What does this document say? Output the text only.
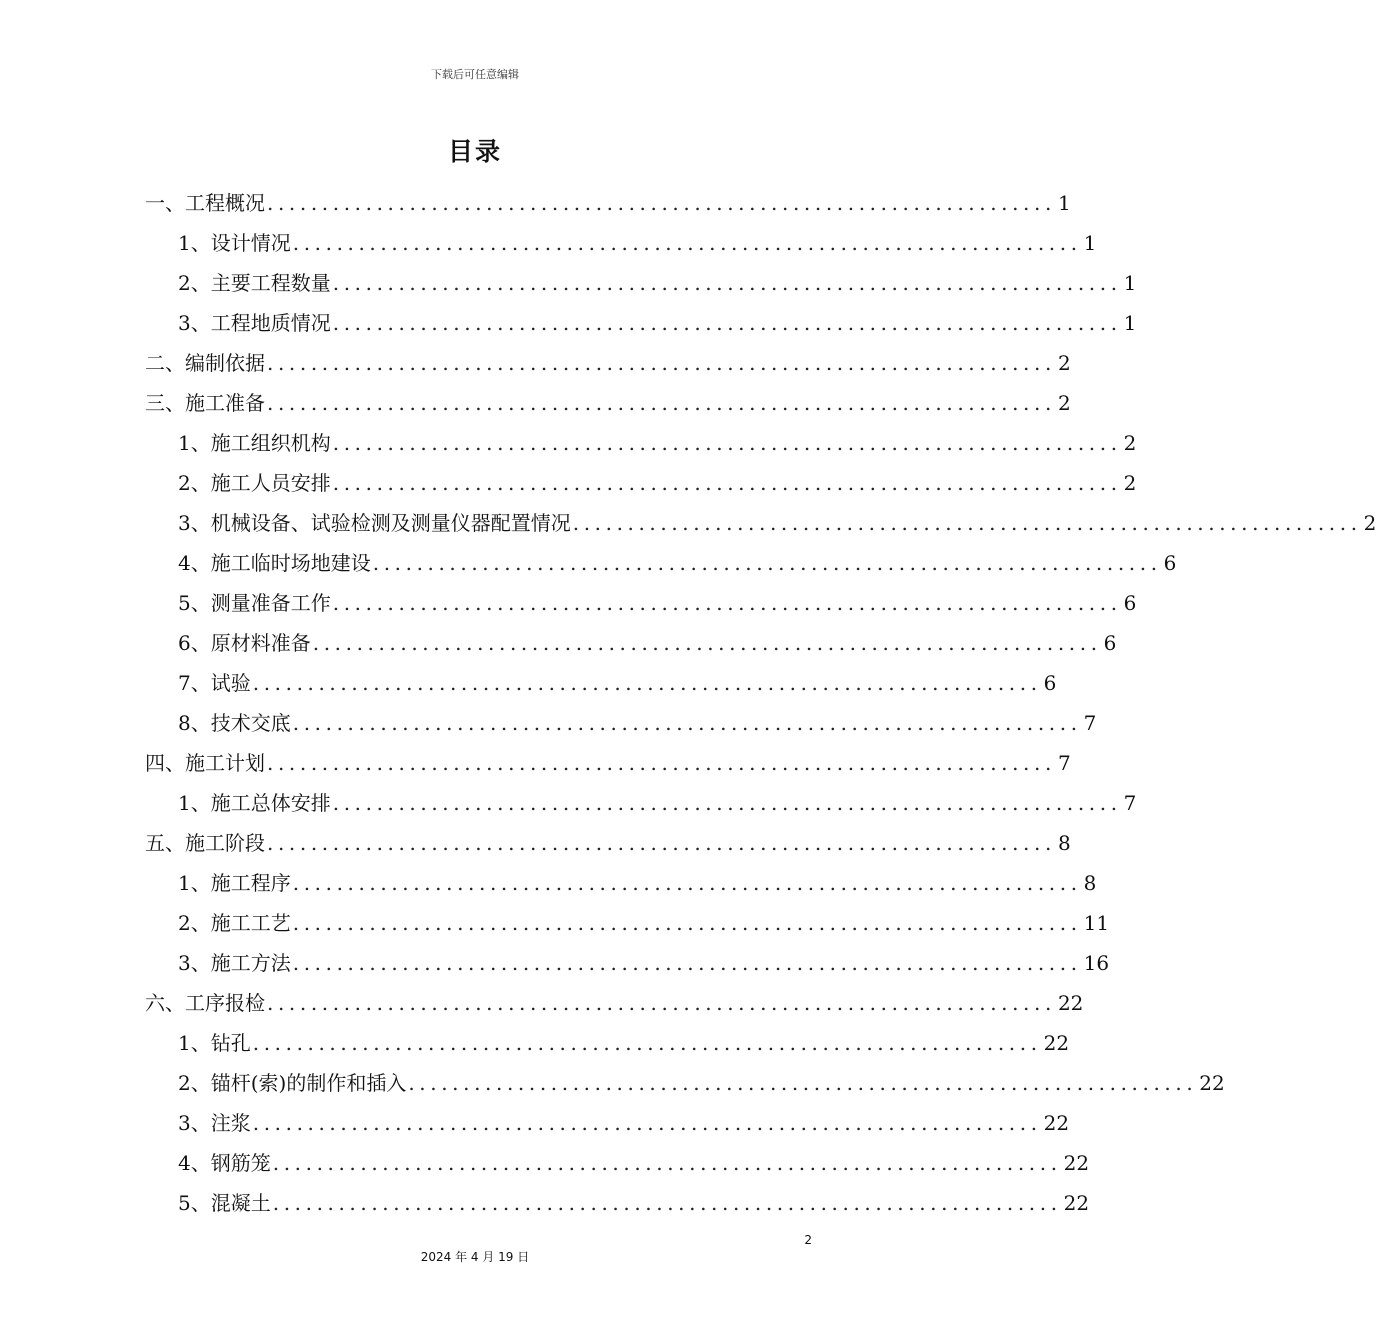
下载后可任意编辑
目录
一、工程概况 ........................................................................ 1
1、设计情况 ........................................................................ 1
2、主要工程数量 ........................................................................ 1
3、工程地质情况 ........................................................................ 1
二、编制依据 ........................................................................ 2
三、施工准备 ........................................................................ 2
1、施工组织机构 ........................................................................ 2
2、施工人员安排 ........................................................................ 2
3、机械设备、试验检测及测量仪器配置情况 ........................................................................ 2
4、施工临时场地建设 ........................................................................ 6
5、测量准备工作 ........................................................................ 6
6、原材料准备 ........................................................................ 6
7、试验 ........................................................................ 6
8、技术交底 ........................................................................ 7
四、施工计划 ........................................................................ 7
1、施工总体安排 ........................................................................ 7
五、施工阶段 ........................................................................ 8
1、施工程序 ........................................................................ 8
2、施工工艺 ........................................................................ 11
3、施工方法 ........................................................................ 16
六、工序报检 ........................................................................ 22
1、钻孔 ........................................................................ 22
2、锚杆(索)的制作和插入 ........................................................................ 22
3、注浆 ........................................................................ 22
4、钢筋笼 ........................................................................ 22
5、混凝土 ........................................................................ 22
2
2024 年 4 月 19 日
